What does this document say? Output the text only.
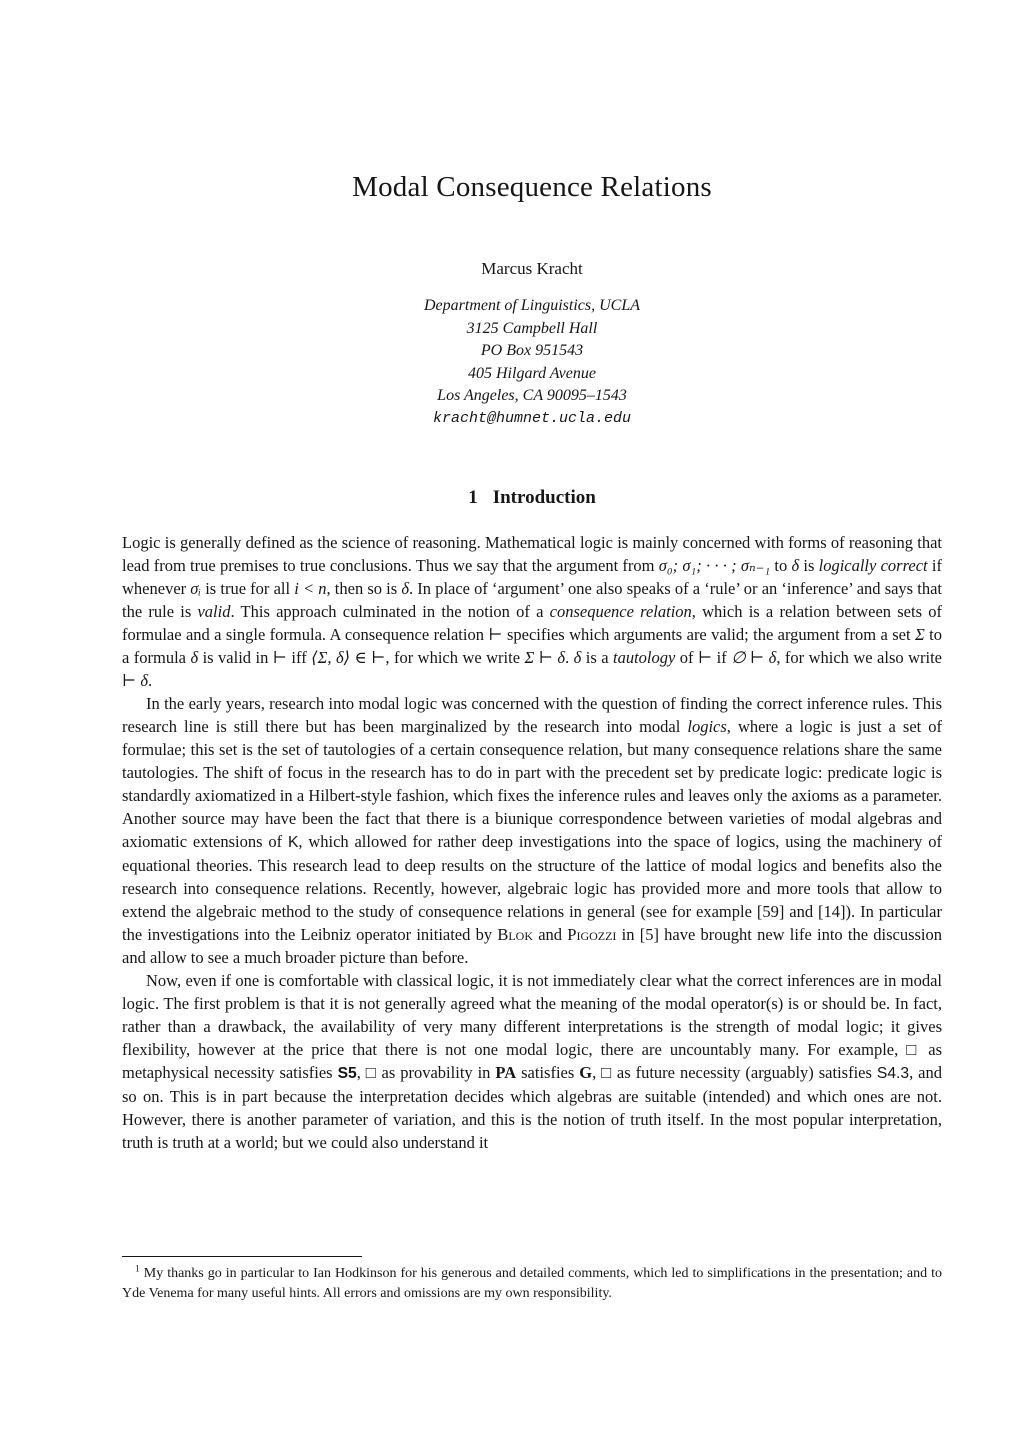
Modal Consequence Relations
Marcus Kracht
Department of Linguistics, UCLA
3125 Campbell Hall
PO Box 951543
405 Hilgard Avenue
Los Angeles, CA 90095–1543
kracht@humnet.ucla.edu
1 Introduction

Logic is generally defined as the science of reasoning. Mathematical logic is mainly concerned with forms of reasoning that lead from true premises to true conclusions. Thus we say that the argument from σ₀; σ₁; · · · ; σₙ₋₁ to δ is logically correct if whenever σᵢ is true for all i < n, then so is δ. In place of ‘argument’ one also speaks of a ‘rule’ or an ‘inference’ and says that the rule is valid. This approach culminated in the notion of a consequence relation, which is a relation between sets of formulae and a single formula. A consequence relation ⊢ specifies which arguments are valid; the argument from a set Σ to a formula δ is valid in ⊢ iff ⟨Σ, δ⟩ ∈ ⊢, for which we write Σ ⊢ δ. δ is a tautology of ⊢ if ∅ ⊢ δ, for which we also write ⊢ δ.

In the early years, research into modal logic was concerned with the question of finding the correct inference rules. This research line is still there but has been marginalized by the research into modal logics, where a logic is just a set of formulae; this set is the set of tautologies of a certain consequence relation, but many consequence relations share the same tautologies. The shift of focus in the research has to do in part with the precedent set by predicate logic: predicate logic is standardly axiomatized in a Hilbert-style fashion, which fixes the inference rules and leaves only the axioms as a parameter. Another source may have been the fact that there is a biunique correspondence between varieties of modal algebras and axiomatic extensions of K, which allowed for rather deep investigations into the space of logics, using the machinery of equational theories. This research lead to deep results on the structure of the lattice of modal logics and benefits also the research into consequence relations. Recently, however, algebraic logic has provided more and more tools that allow to extend the algebraic method to the study of consequence relations in general (see for example [59] and [14]). In particular the investigations into the Leibniz operator initiated by Blok and Pigozzi in [5] have brought new life into the discussion and allow to see a much broader picture than before.

Now, even if one is comfortable with classical logic, it is not immediately clear what the correct inferences are in modal logic. The first problem is that it is not generally agreed what the meaning of the modal operator(s) is or should be. In fact, rather than a drawback, the availability of very many different interpretations is the strength of modal logic; it gives flexibility, however at the price that there is not one modal logic, there are uncountably many. For example, □ as metaphysical necessity satisfies S5, □ as provability in PA satisfies G, □ as future necessity (arguably) satisfies S4.3, and so on. This is in part because the interpretation decides which algebras are suitable (intended) and which ones are not. However, there is another parameter of variation, and this is the notion of truth itself. In the most popular interpretation, truth is truth at a world; but we could also understand it

$^1$ My thanks go in particular to Ian Hodkinson for his generous and detailed comments, which led to simplifications in the presentation; and to Yde Venema for many useful hints. All errors and omissions are my own responsibility.
